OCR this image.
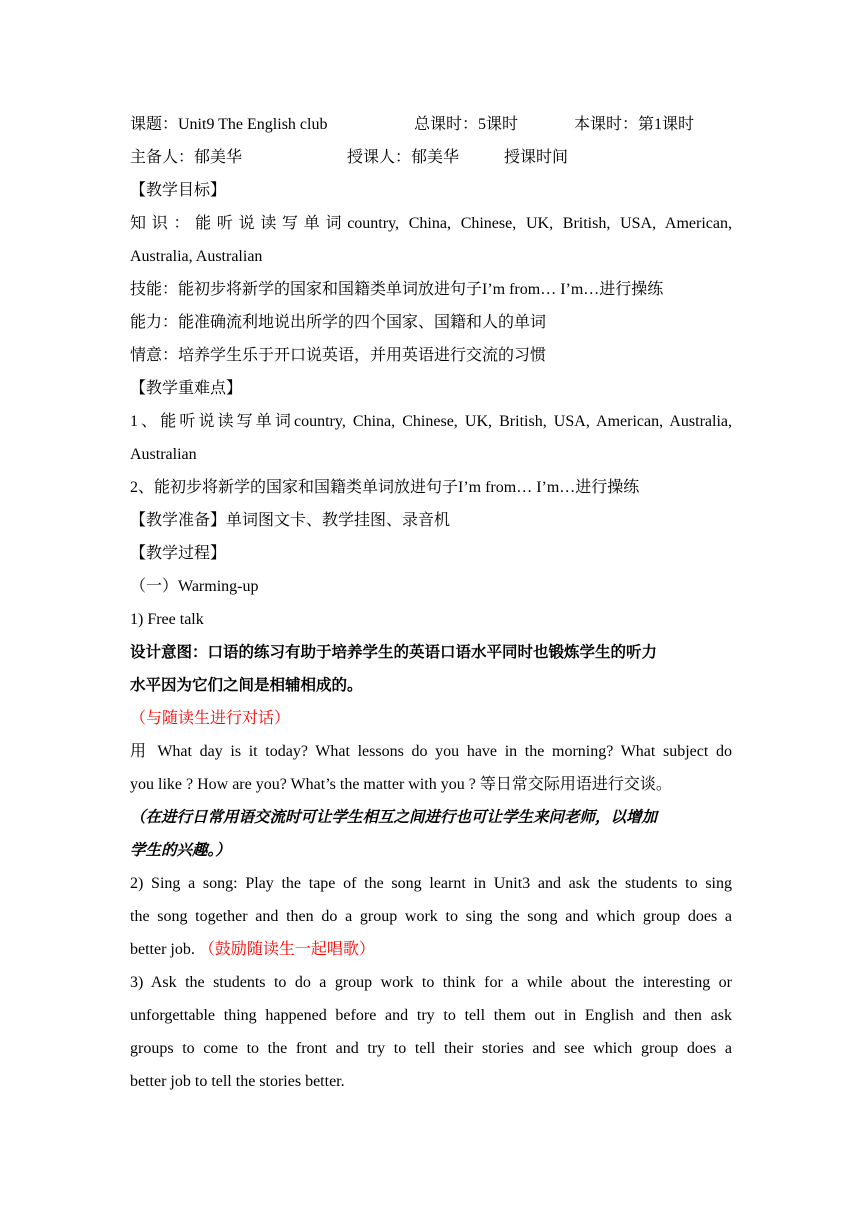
课题：Unit9 The English club	总课时：5课时	本课时：第1课时
主备人：郁美华	授课人：郁美华	授课时间
【教学目标】
知识：能听说读写单词country, China, Chinese, UK, British, USA, American,
Australia, Australian
技能：能初步将新学的国家和国籍类单词放进句子I’m from… I’m…进行操练
能力：能准确流利地说出所学的四个国家、国籍和人的单词
情意：培养学生乐于开口说英语，并用英语进行交流的习惯
【教学重难点】
1、能听说读写单词country, China, Chinese, UK, British, USA, American, Australia,
Australian
2、能初步将新学的国家和国籍类单词放进句子I’m from… I’m…进行操练
【教学准备】单词图文卡、教学挂图、录音机
【教学过程】
（一）Warming-up
1) Free talk
设计意图：口语的练习有助于培养学生的英语口语水平同时也锻炼学生的听力
水平因为它们之间是相辅相成的。
（与随读生进行对话）
用 What day is it today? What lessons do you have in the morning? What subject do
you like ? How are you? What’s the matter with you ? 等日常交际用语进行交谈。
（在进行日常用语交流时可让学生相互之间进行也可让学生来问老师，以增加
学生的兴趣。）
2) Sing a song: Play the tape of the song learnt in Unit3 and ask the students to sing
the song together and then do a group work to sing the song and which group does a
better job. （鼓励随读生一起唱歌）
3) Ask the students to do a group work to think for a while about the interesting or
unforgettable thing happened before and try to tell them out in English and then ask
groups to come to the front and try to tell their stories and see which group does a
better job to tell the stories better.
